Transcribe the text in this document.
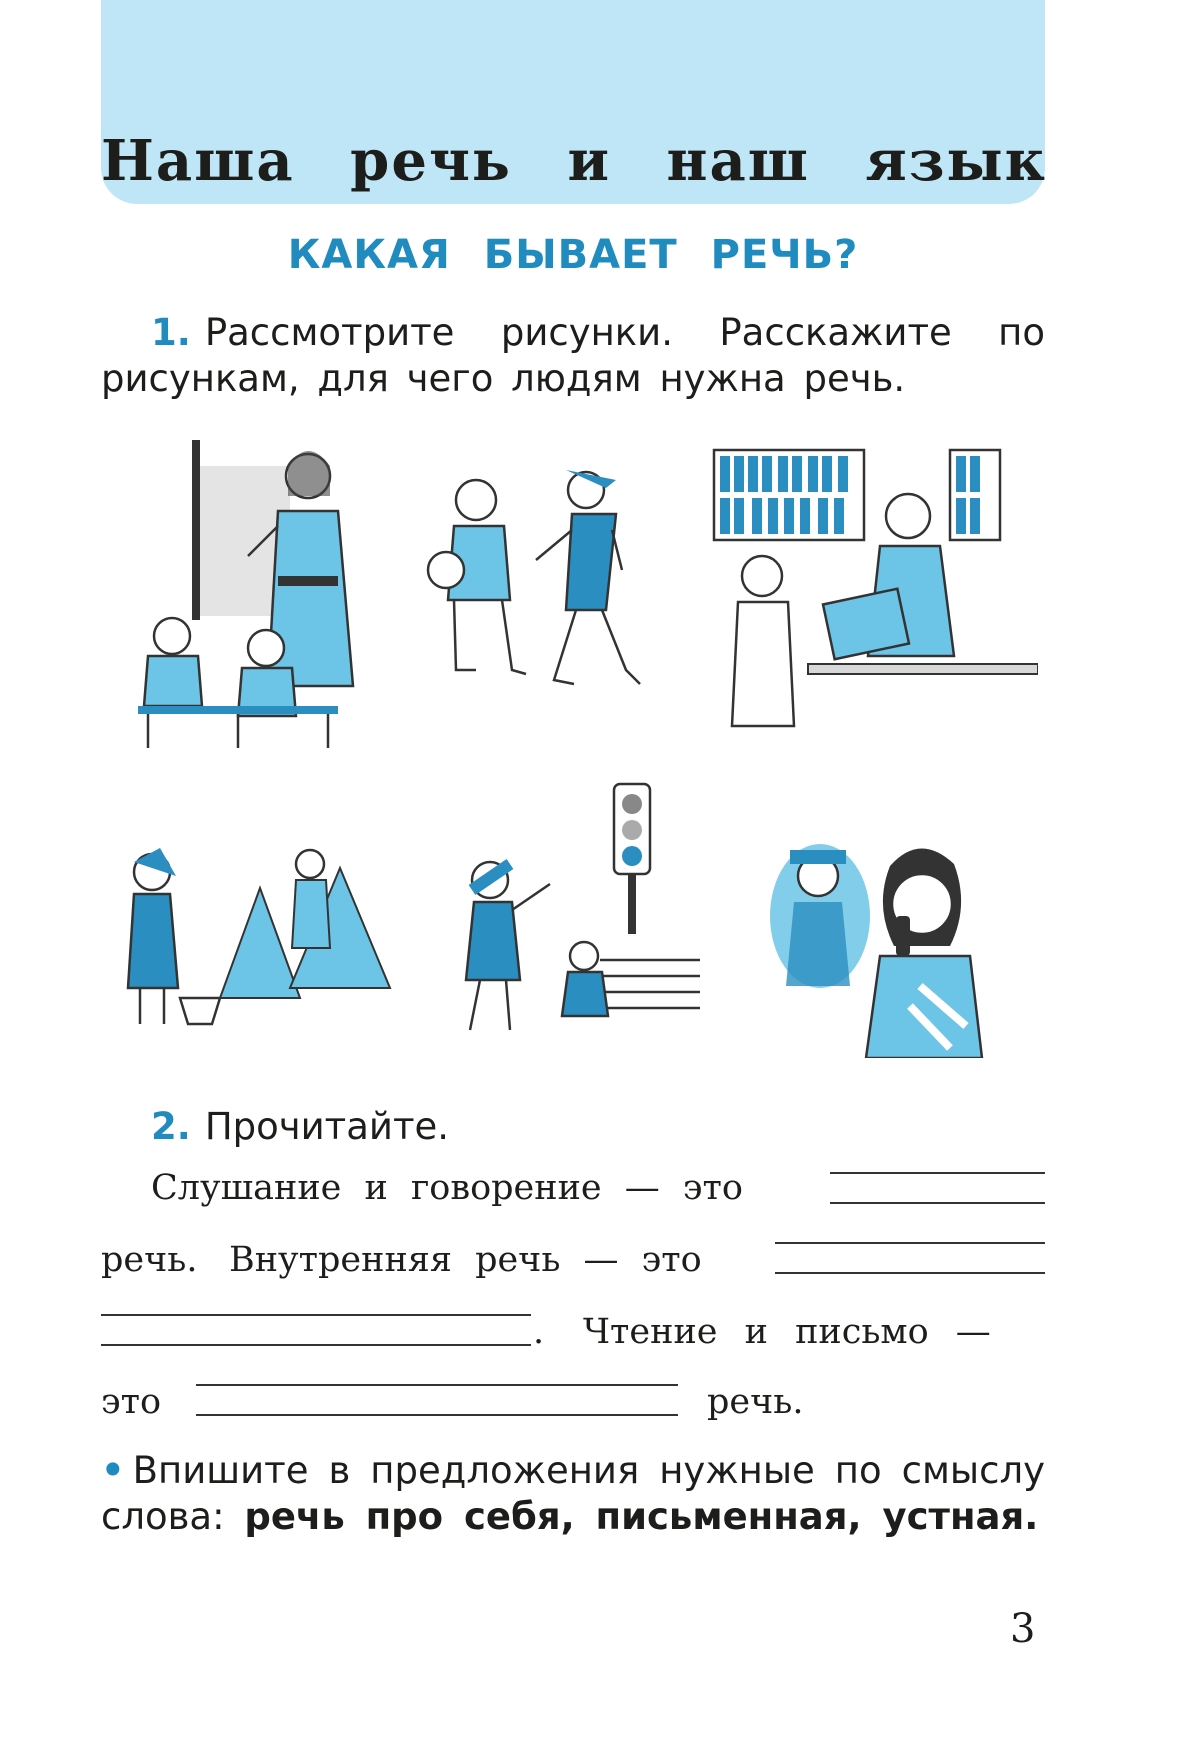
Наша речь и наш язык
КАКАЯ БЫВАЕТ РЕЧЬ?
1. Рассмотрите рисунки. Расскажите по рисункам, для чего людям нужна речь.
2. Прочитайте.
Слушание и говорение — это
речь. Внутренняя речь — это
. Чтение и письмо —
это	речь.
• Впишите в предложения нужные по смыслу слова: речь про себя, письменная, устная.
3
